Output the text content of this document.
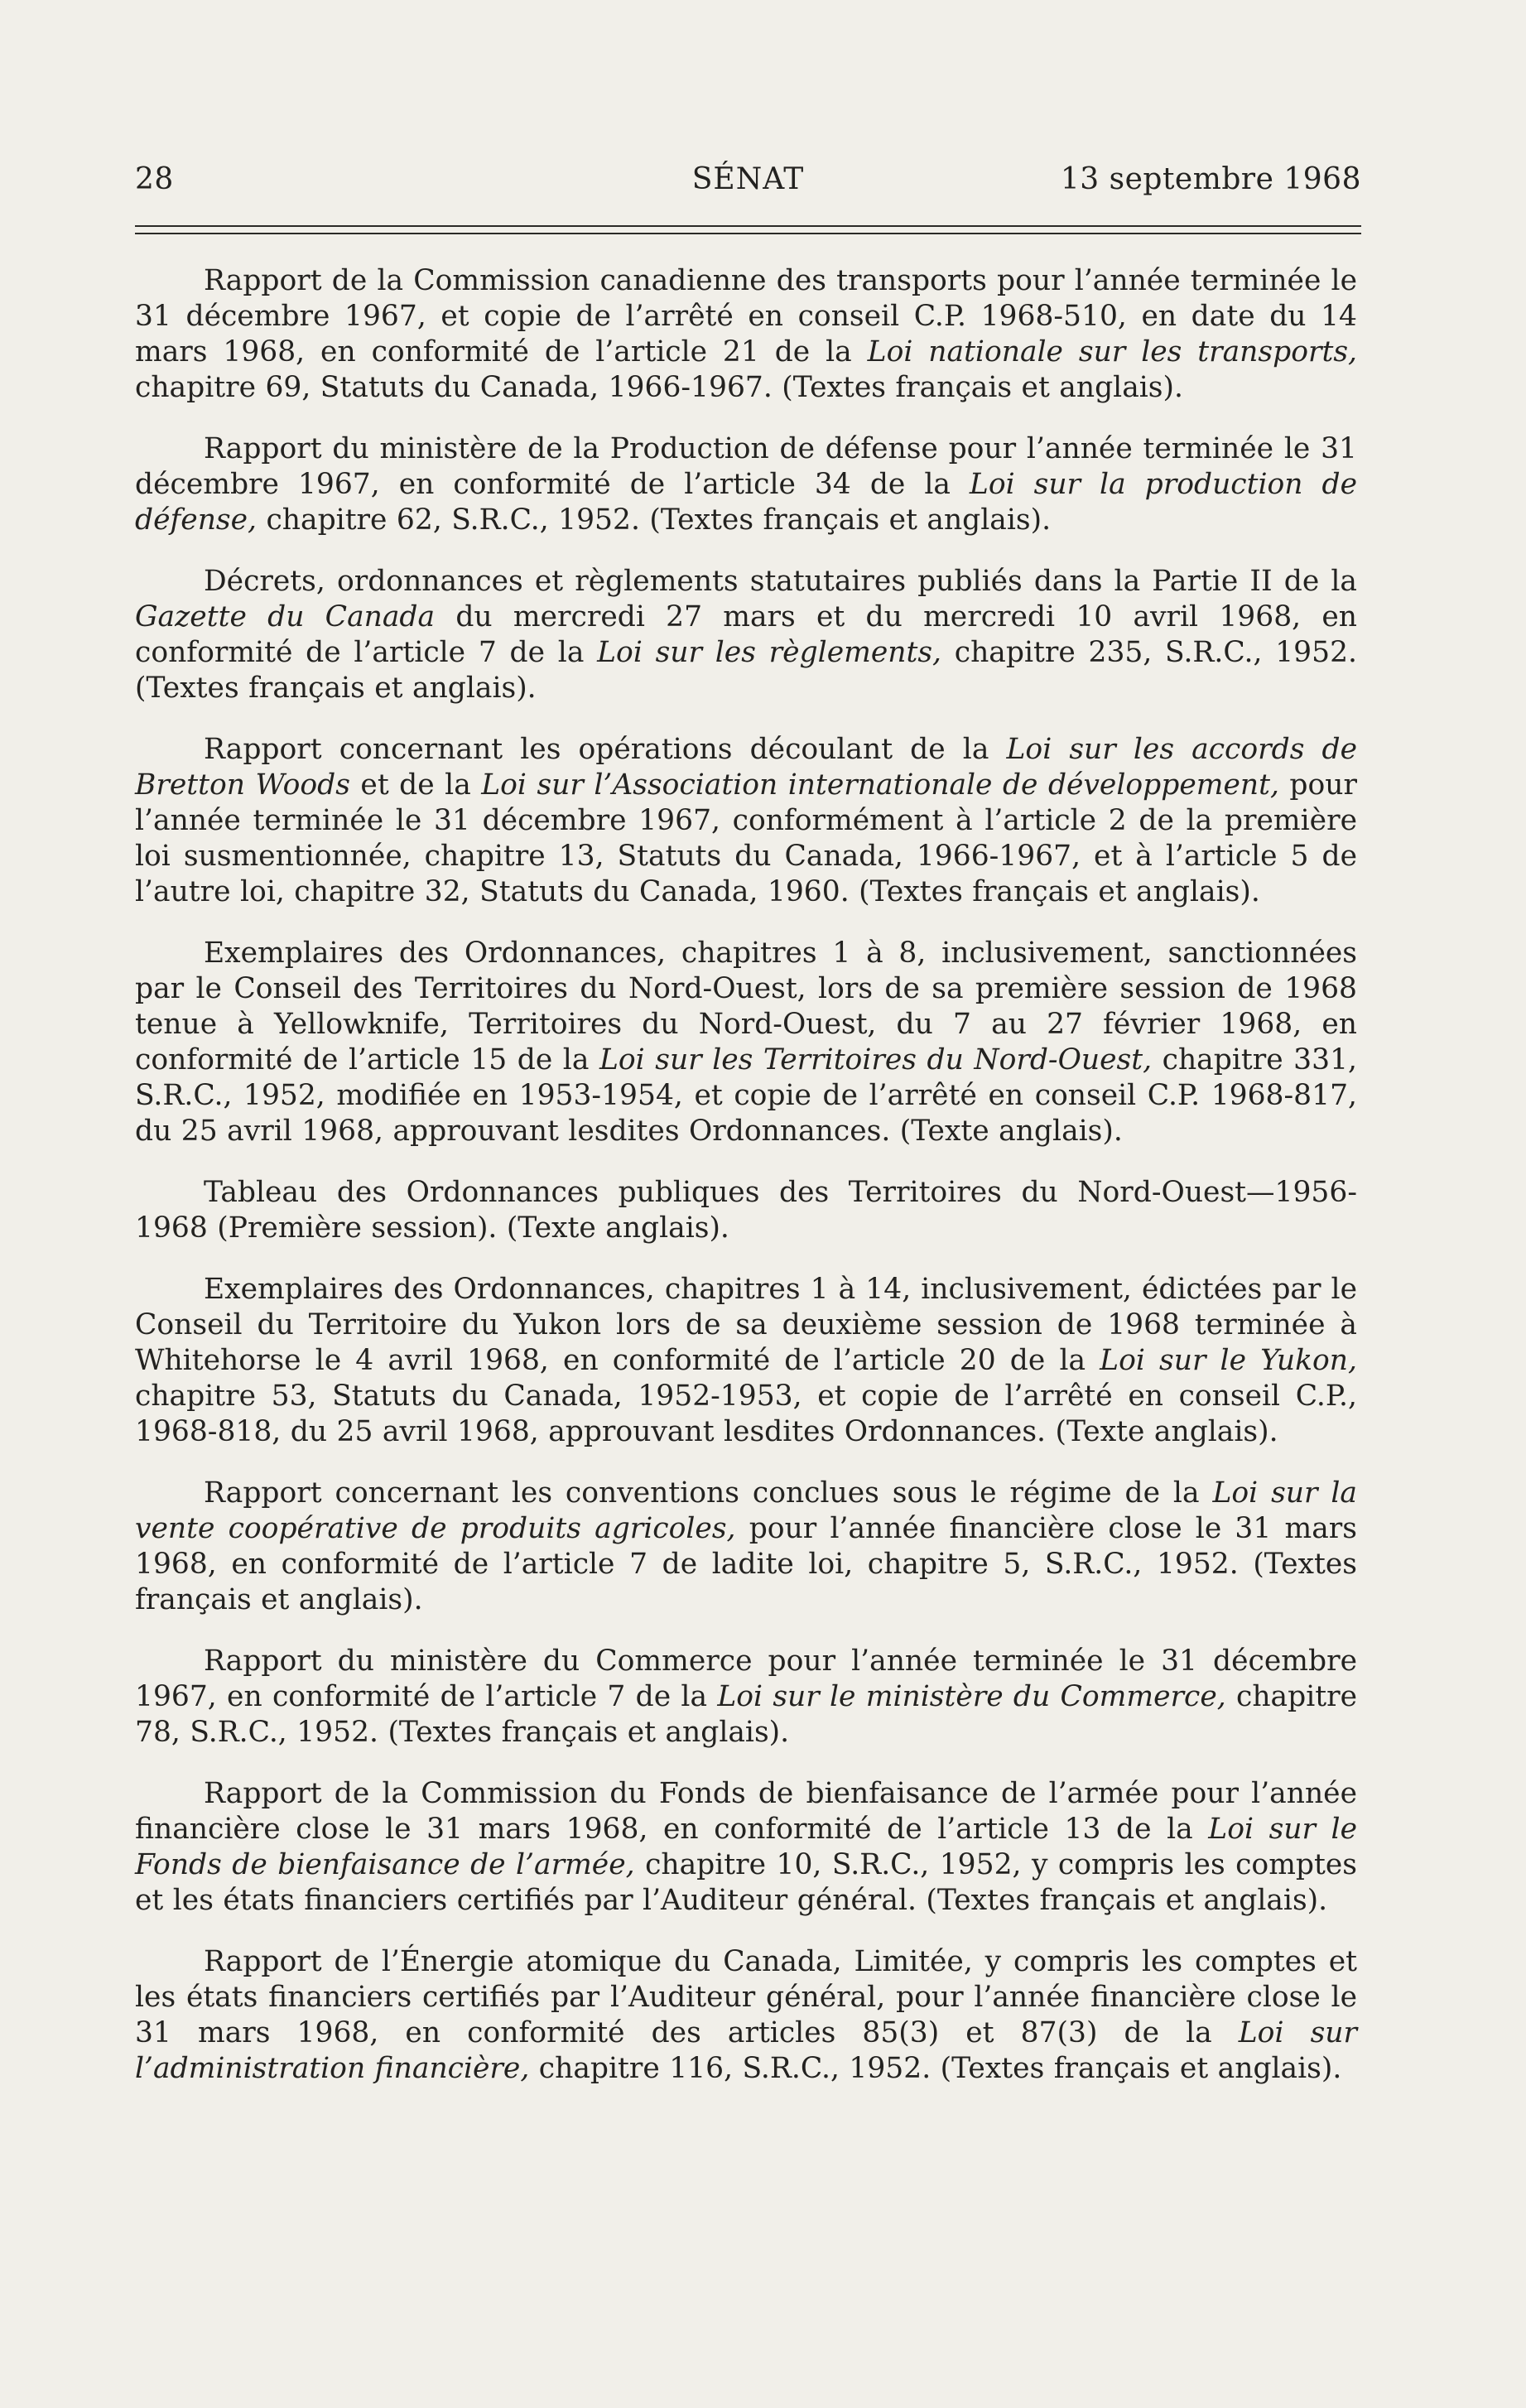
28	SÉNAT	13 septembre 1968

Rapport de la Commission canadienne des transports pour l’année terminée le 31 décembre 1967, et copie de l’arrêté en conseil C.P. 1968-510, en date du 14 mars 1968, en conformité de l’article 21 de la Loi nationale sur les transports, chapitre 69, Statuts du Canada, 1966-1967. (Textes français et anglais).

Rapport du ministère de la Production de défense pour l’année terminée le 31 décembre 1967, en conformité de l’article 34 de la Loi sur la production de défense, chapitre 62, S.R.C., 1952. (Textes français et anglais).

Décrets, ordonnances et règlements statutaires publiés dans la Partie II de la Gazette du Canada du mercredi 27 mars et du mercredi 10 avril 1968, en conformité de l’article 7 de la Loi sur les règlements, chapitre 235, S.R.C., 1952. (Textes français et anglais).

Rapport concernant les opérations découlant de la Loi sur les accords de Bretton Woods et de la Loi sur l’Association internationale de développement, pour l’année terminée le 31 décembre 1967, conformément à l’article 2 de la première loi susmentionnée, chapitre 13, Statuts du Canada, 1966-1967, et à l’article 5 de l’autre loi, chapitre 32, Statuts du Canada, 1960. (Textes français et anglais).

Exemplaires des Ordonnances, chapitres 1 à 8, inclusivement, sanctionnées par le Conseil des Territoires du Nord-Ouest, lors de sa première session de 1968 tenue à Yellowknife, Territoires du Nord-Ouest, du 7 au 27 février 1968, en conformité de l’article 15 de la Loi sur les Territoires du Nord-Ouest, chapitre 331, S.R.C., 1952, modifiée en 1953-1954, et copie de l’arrêté en conseil C.P. 1968-817, du 25 avril 1968, approuvant lesdites Ordonnances. (Texte anglais).

Tableau des Ordonnances publiques des Territoires du Nord-Ouest—1956-1968 (Première session). (Texte anglais).

Exemplaires des Ordonnances, chapitres 1 à 14, inclusivement, édictées par le Conseil du Territoire du Yukon lors de sa deuxième session de 1968 terminée à Whitehorse le 4 avril 1968, en conformité de l’article 20 de la Loi sur le Yukon, chapitre 53, Statuts du Canada, 1952-1953, et copie de l’arrêté en conseil C.P., 1968-818, du 25 avril 1968, approuvant lesdites Ordonnances. (Texte anglais).

Rapport concernant les conventions conclues sous le régime de la Loi sur la vente coopérative de produits agricoles, pour l’année financière close le 31 mars 1968, en conformité de l’article 7 de ladite loi, chapitre 5, S.R.C., 1952. (Textes français et anglais).

Rapport du ministère du Commerce pour l’année terminée le 31 décembre 1967, en conformité de l’article 7 de la Loi sur le ministère du Commerce, chapitre 78, S.R.C., 1952. (Textes français et anglais).

Rapport de la Commission du Fonds de bienfaisance de l’armée pour l’année financière close le 31 mars 1968, en conformité de l’article 13 de la Loi sur le Fonds de bienfaisance de l’armée, chapitre 10, S.R.C., 1952, y compris les comptes et les états financiers certifiés par l’Auditeur général. (Textes français et anglais).

Rapport de l’Énergie atomique du Canada, Limitée, y compris les comptes et les états financiers certifiés par l’Auditeur général, pour l’année financière close le 31 mars 1968, en conformité des articles 85(3) et 87(3) de la Loi sur l’administration financière, chapitre 116, S.R.C., 1952. (Textes français et anglais).
